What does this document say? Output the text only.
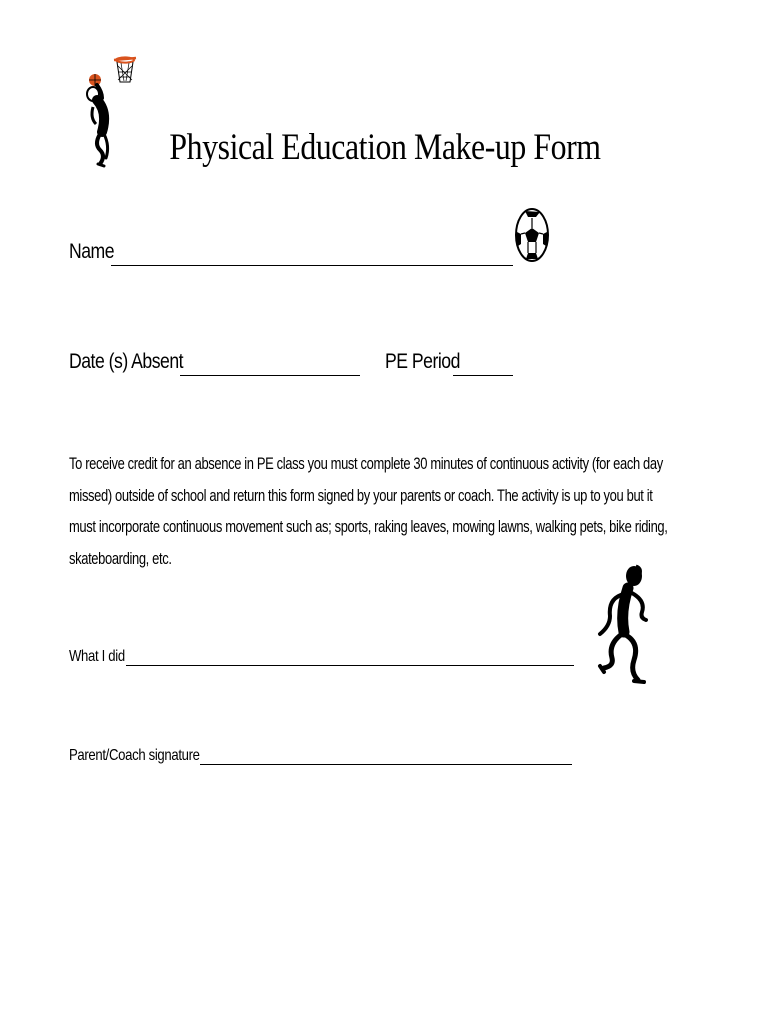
Physical Education Make-up Form
Name
Date (s) Absent	PE Period
To receive credit for an absence in PE class you must complete 30 minutes of continuous activity (for each day
missed) outside of school and return this form signed by your parents or coach. The activity is up to you but it
must incorporate continuous movement such as; sports, raking leaves, mowing lawns, walking pets, bike riding,
skateboarding, etc.
What I did
Parent/Coach signature
